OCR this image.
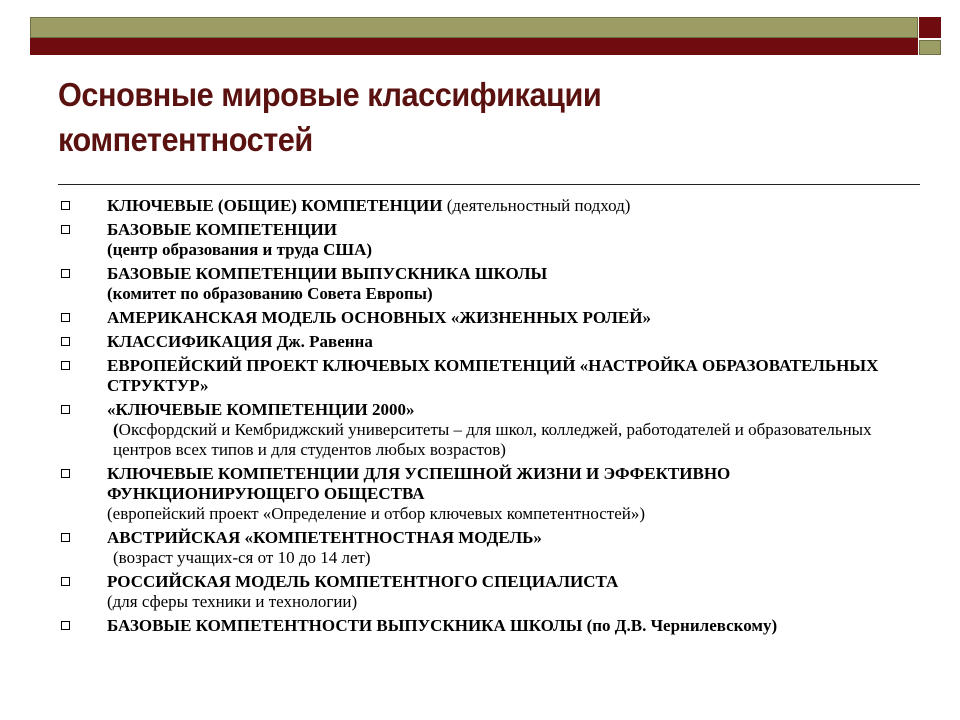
Основные мировые классификации
компетентностей
КЛЮЧЕВЫЕ (ОБЩИЕ) КОМПЕТЕНЦИИ (деятельностный подход)
БАЗОВЫЕ КОМПЕТЕНЦИИ
(центр образования и труда США)
БАЗОВЫЕ КОМПЕТЕНЦИИ ВЫПУСКНИКА ШКОЛЫ
(комитет по образованию Совета Европы)
АМЕРИКАНСКАЯ МОДЕЛЬ ОСНОВНЫХ «ЖИЗНЕННЫХ РОЛЕЙ»
КЛАССИФИКАЦИЯ Дж. Равенна
ЕВРОПЕЙСКИЙ ПРОЕКТ КЛЮЧЕВЫХ КОМПЕТЕНЦИЙ «НАСТРОЙКА ОБРАЗОВАТЕЛЬНЫХ СТРУКТУР»
«КЛЮЧЕВЫЕ КОМПЕТЕНЦИИ 2000»
(Оксфордский и Кембриджский университеты – для школ, колледжей, работодателей и образовательных центров всех типов и для студентов любых возрастов)
КЛЮЧЕВЫЕ КОМПЕТЕНЦИИ ДЛЯ УСПЕШНОЙ ЖИЗНИ И ЭФФЕКТИВНО ФУНКЦИОНИРУЮЩЕГО ОБЩЕСТВА
(европейский проект «Определение и отбор ключевых компетентностей»)
АВСТРИЙСКАЯ «КОМПЕТЕНТНОСТНАЯ МОДЕЛЬ»
(возраст учащих-ся от 10 до 14 лет)
РОССИЙСКАЯ МОДЕЛЬ КОМПЕТЕНТНОГО СПЕЦИАЛИСТА
(для сферы техники и технологии)
БАЗОВЫЕ КОМПЕТЕНТНОСТИ ВЫПУСКНИКА ШКОЛЫ (по Д.В. Чернилевскому)
